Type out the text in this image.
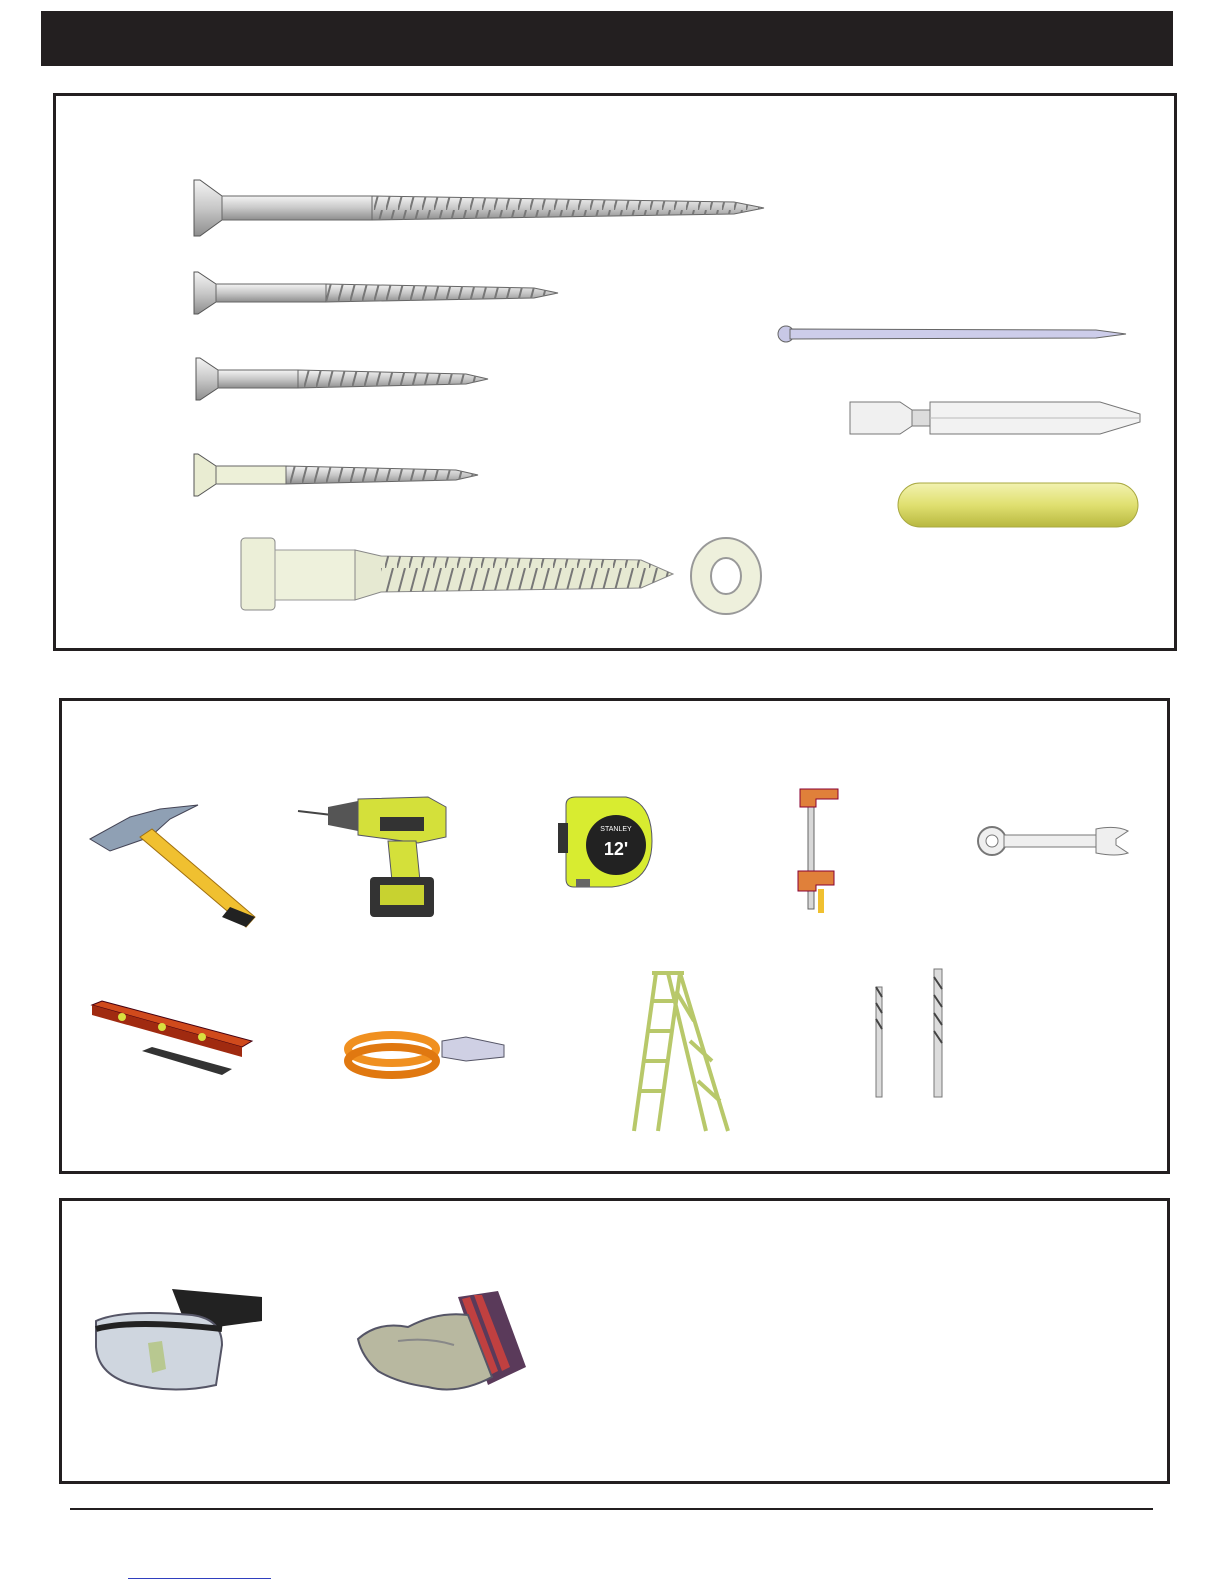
STANLEY
12'
